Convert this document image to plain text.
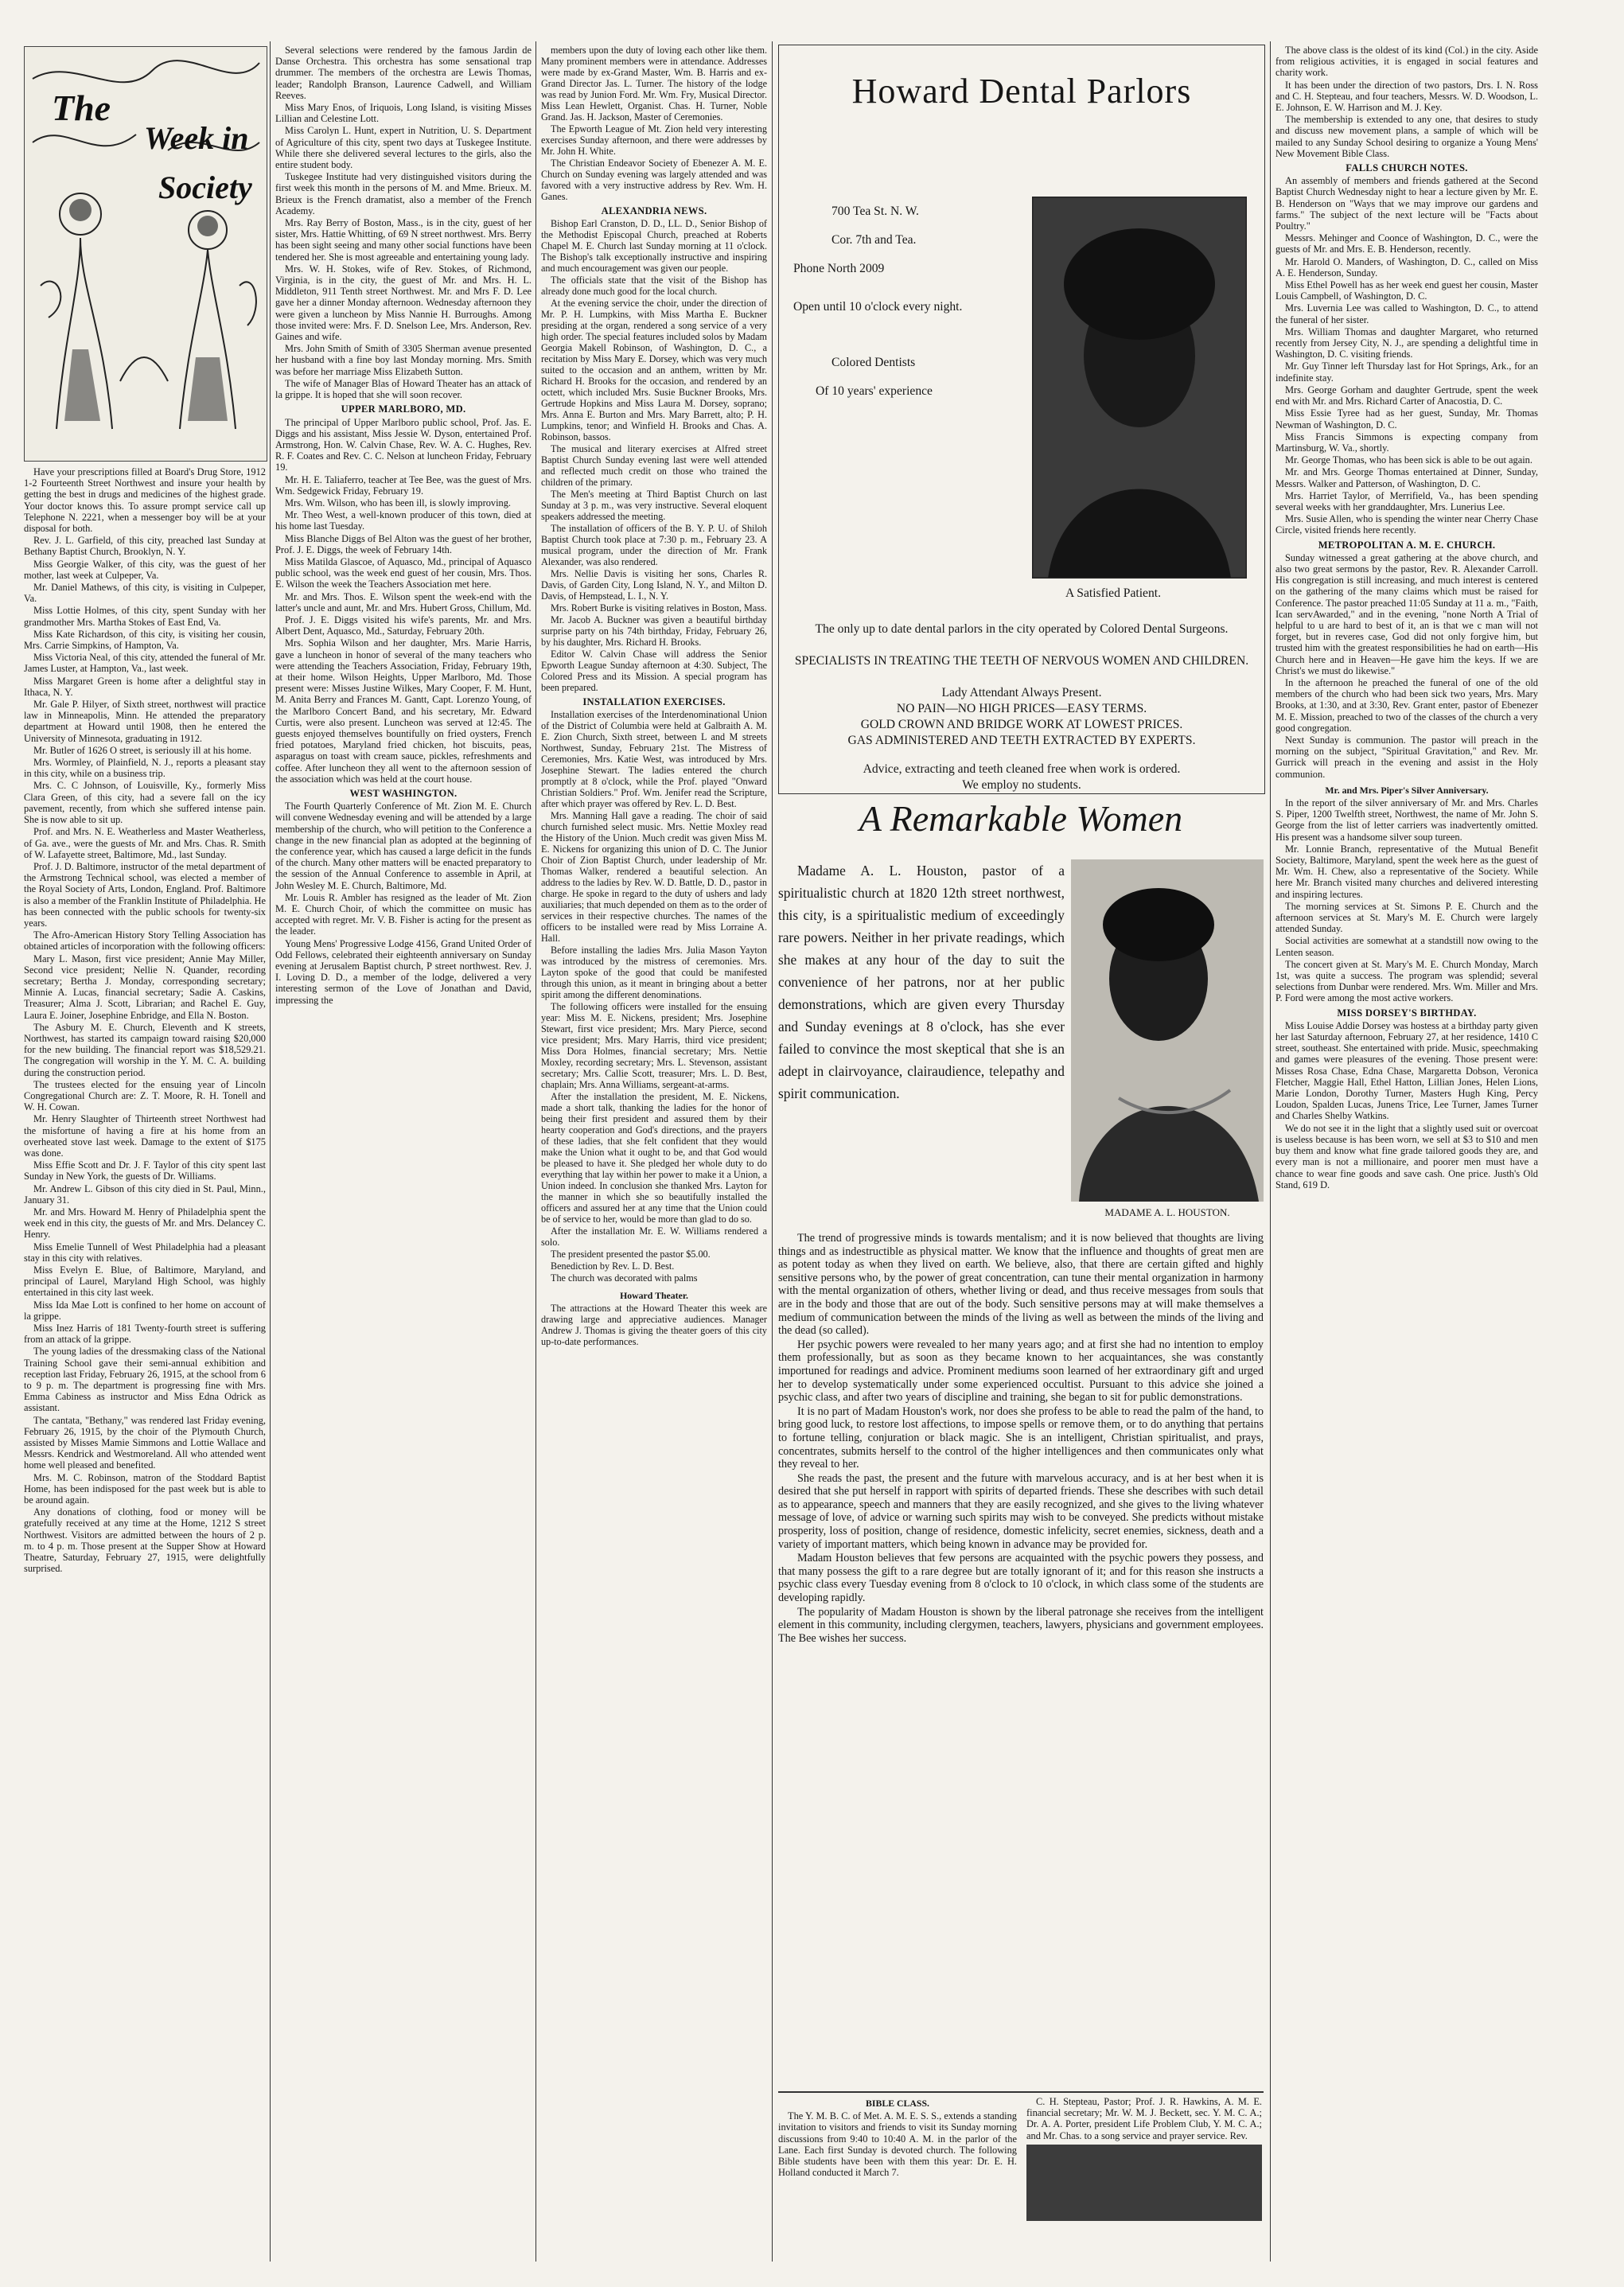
The
Week in
Society

Have your prescriptions filled at Board's Drug Store, 1912 1-2 Fourteenth Street Northwest and insure your health by getting the best in drugs and medicines of the highest grade. Your doctor knows this. To assure prompt service call up Telephone N. 2221, when a messenger boy will be at your disposal for both.

Rev. J. L. Garfield, of this city, preached last Sunday at Bethany Baptist Church, Brooklyn, N. Y.

Miss Georgie Walker, of this city, was the guest of her mother, last week at Culpeper, Va.

Mr. Daniel Mathews, of this city, is visiting in Culpeper, Va.

Miss Lottie Holmes, of this city, spent Sunday with her grandmother Mrs. Martha Stokes of East End, Va.

Miss Kate Richardson, of this city, is visiting her cousin, Mrs. Carrie Simpkins, of Hampton, Va.

Miss Victoria Neal, of this city, attended the funeral of Mr. James Luster, at Hampton, Va., last week.

Miss Margaret Green is home after a delightful stay in Ithaca, N. Y.

Mr. Gale P. Hilyer, of Sixth street, northwest will practice law in Minneapolis, Minn. He attended the preparatory department at Howard until 1908, then he entered the University of Minnesota, graduating in 1912.

Mr. Butler of 1626 O street, is seriously ill at his home.

Mrs. Wormley, of Plainfield, N. J., reports a pleasant stay in this city, while on a business trip.

Mrs. C. C Johnson, of Louisville, Ky., formerly Miss Clara Green, of this city, had a severe fall on the icy pavement, recently, from which she suffered intense pain. She is now able to sit up.

Prof. and Mrs. N. E. Weatherless and Master Weatherless, of Ga. ave., were the guests of Mr. and Mrs. Chas. R. Smith of W. Lafayette street, Baltimore, Md., last Sunday.

Prof. J. D. Baltimore, instructor of the metal department of the Armstrong Technical school, was elected a member of the Royal Society of Arts, London, England. Prof. Baltimore is also a member of the Franklin Institute of Philadelphia. He has been connected with the public schools for twenty-six years.

The Afro-American History Story Telling Association has obtained articles of incorporation with the following officers:

Mary L. Mason, first vice president; Annie May Miller, Second vice president; Nellie N. Quander, recording secretary; Bertha J. Monday, corresponding secretary; Minnie A. Lucas, financial secretary; Sadie A. Caskins, Treasurer; Alma J. Scott, Librarian; and Rachel E. Guy, Laura E. Joiner, Josephine Enbridge, and Ella N. Boston.

The Asbury M. E. Church, Eleventh and K streets, Northwest, has started its campaign toward raising $20,000 for the new building. The financial report was $18,529.21. The congregation will worship in the Y. M. C. A. building during the construction period.

The trustees elected for the ensuing year of Lincoln Congregational Church are: Z. T. Moore, R. H. Tonell and W. H. Cowan.

Mr. Henry Slaughter of Thirteenth street Northwest had the misfortune of having a fire at his home from an overheated stove last week. Damage to the extent of $175 was done.

Miss Effie Scott and Dr. J. F. Taylor of this city spent last Sunday in New York, the guests of Dr. Williams.

Mr. Andrew L. Gibson of this city died in St. Paul, Minn., January 31.

Mr. and Mrs. Howard M. Henry of Philadelphia spent the week end in this city, the guests of Mr. and Mrs. Delancey C. Henry.

Miss Emelie Tunnell of West Philadelphia had a pleasant stay in this city with relatives.

Miss Evelyn E. Blue, of Baltimore, Maryland, and principal of Laurel, Maryland High School, was highly entertained in this city last week.

Miss Ida Mae Lott is confined to her home on account of la grippe.

Miss Inez Harris of 181 Twenty-fourth street is suffering from an attack of la grippe.

The young ladies of the dressmaking class of the National Training School gave their semi-annual exhibition and reception last Friday, February 26, 1915, at the school from 6 to 9 p. m. The department is progressing fine with Mrs. Emma Cabiness as instructor and Miss Edna Odrick as assistant.

The cantata, "Bethany," was rendered last Friday evening, February 26, 1915, by the choir of the Plymouth Church, assisted by Misses Mamie Simmons and Lottie Wallace and Messrs. Kendrick and Westmoreland. All who attended went home well pleased and benefited.

Mrs. M. C. Robinson, matron of the Stoddard Baptist Home, has been indisposed for the past week but is able to be around again.

Any donations of clothing, food or money will be gratefully received at any time at the Home, 1212 S street Northwest. Visitors are admitted between the hours of 2 p. m. to 4 p. m. Those present at the Supper Show at Howard Theatre, Saturday, February 27, 1915, were delightfully surprised.

Several selections were rendered by the famous Jardin de Danse Orchestra. This orchestra has some sensational trap drummer. The members of the orchestra are Lewis Thomas, leader; Randolph Branson, Laurence Cadwell, and William Reeves.

Miss Mary Enos, of Iriquois, Long Island, is visiting Misses Lillian and Celestine Lott.

Miss Carolyn L. Hunt, expert in Nutrition, U. S. Department of Agriculture of this city, spent two days at Tuskegee Institute. While there she delivered several lectures to the girls, also the entire student body.

Tuskegee Institute had very distinguished visitors during the first week this month in the persons of M. and Mme. Brieux. M. Brieux is the French dramatist, also a member of the French Academy.

Mrs. Ray Berry of Boston, Mass., is in the city, guest of her sister, Mrs. Hattie Whitting, of 69 N street northwest. Mrs. Berry has been sight seeing and many other social functions have been tendered her. She is most agreeable and entertaining young lady.

Mrs. W. H. Stokes, wife of Rev. Stokes, of Richmond, Virginia, is in the city, the guest of Mr. and Mrs. H. L. Middleton, 911 Tenth street Northwest. Mr. and Mrs F. D. Lee gave her a dinner Monday afternoon. Wednesday afternoon they were given a luncheon by Miss Nannie H. Burroughs. Among those invited were: Mrs. F. D. Snelson Lee, Mrs. Anderson, Rev. Gaines and wife.

Mrs. John Smith of Smith of 3305 Sherman avenue presented her husband with a fine boy last Monday morning. Mrs. Smith was before her marriage Miss Elizabeth Sutton.

The wife of Manager Blas of Howard Theater has an attack of la grippe. It is hoped that she will soon recover.

UPPER MARLBORO, MD.

The principal of Upper Marlboro public school, Prof. Jas. E. Diggs and his assistant, Miss Jessie W. Dyson, entertained Prof. Armstrong, Hon. W. Calvin Chase, Rev. W. A. C. Hughes, Rev. R. F. Coates and Rev. C. C. Nelson at luncheon Friday, February 19.

Mr. H. E. Taliaferro, teacher at Tee Bee, was the guest of Mrs. Wm. Sedgewick Friday, February 19.

Mrs. Wm. Wilson, who has been ill, is slowly improving.

Mr. Theo West, a well-known producer of this town, died at his home last Tuesday.

Miss Blanche Diggs of Bel Alton was the guest of her brother, Prof. J. E. Diggs, the week of February 14th.

Miss Matilda Glascoe, of Aquasco, Md., principal of Aquasco public school, was the week end guest of her cousin, Mrs. Thos. E. Wilson the week the Teachers Association met here.

Mr. and Mrs. Thos. E. Wilson spent the week-end with the latter's uncle and aunt, Mr. and Mrs. Hubert Gross, Chillum, Md.

Prof. J. E. Diggs visited his wife's parents, Mr. and Mrs. Albert Dent, Aquasco, Md., Saturday, February 20th.

Mrs. Sophia Wilson and her daughter, Mrs. Marie Harris, gave a luncheon in honor of several of the many teachers who were attending the Teachers Association, Friday, February 19th, at their home. Wilson Heights, Upper Marlboro, Md. Those present were: Misses Justine Wilkes, Mary Cooper, F. M. Hunt, M. Anita Berry and Frances M. Gantt, Capt. Lorenzo Young, of the Marlboro Concert Band, and his secretary, Mr. Edward Curtis, were also present. Luncheon was served at 12:45. The guests enjoyed themselves bountifully on fried oysters, French fried potatoes, Maryland fried chicken, hot biscuits, peas, asparagus on toast with cream sauce, pickles, refreshments and coffee. After luncheon they all went to the afternoon session of the association which was held at the court house.

WEST WASHINGTON.

The Fourth Quarterly Conference of Mt. Zion M. E. Church will convene Wednesday evening and will be attended by a large membership of the church, who will petition to the Conference a change in the new financial plan as adopted at the beginning of the conference year, which has caused a large deficit in the funds of the church. Many other matters will be enacted preparatory to the session of the Annual Conference to assemble in April, at John Wesley M. E. Church, Baltimore, Md.

Mr. Louis R. Ambler has resigned as the leader of Mt. Zion M. E. Church Choir, of which the committee on music has accepted with regret. Mr. V. B. Fisher is acting for the present as the leader.

Young Mens' Progressive Lodge 4156, Grand United Order of Odd Fellows, celebrated their eighteenth anniversary on Sunday evening at Jerusalem Baptist church, P street northwest. Rev. J. I. Loving D. D., a member of the lodge, delivered a very interesting sermon of the Love of Jonathan and David, impressing the

members upon the duty of loving each other like them. Many prominent members were in attendance. Addresses were made by ex-Grand Master, Wm. B. Harris and ex-Grand Director Jas. L. Turner. The history of the lodge was read by Junion Ford. Mr. Wm. Fry, Musical Director. Miss Lean Hewlett, Organist. Chas. H. Turner, Noble Grand. Jas. H. Jackson, Master of Ceremonies.

The Epworth League of Mt. Zion held very interesting exercises Sunday afternoon, and there were addresses by Mr. John H. White.

The Christian Endeavor Society of Ebenezer A. M. E. Church on Sunday evening was largely attended and was favored with a very instructive address by Rev. Wm. H. Ganes.

ALEXANDRIA NEWS.

Bishop Earl Cranston, D. D., LL. D., Senior Bishop of the Methodist Episcopal Church, preached at Roberts Chapel M. E. Church last Sunday morning at 11 o'clock. The Bishop's talk exceptionally instructive and inspiring and much encouragement was given our people.

The officials state that the visit of the Bishop has already done much good for the local church.

At the evening service the choir, under the direction of Mr. P. H. Lumpkins, with Miss Martha E. Buckner presiding at the organ, rendered a song service of a very high order. The special features included solos by Madam Georgia Makell Robinson, of Washington, D. C., a recitation by Miss Mary E. Dorsey, which was very much suited to the occasion and an anthem, written by Mr. Richard H. Brooks for the occasion, and rendered by an octett, which included Mrs. Susie Buckner Brooks, Mrs. Gertrude Hopkins and Miss Laura M. Dorsey, soprano; Mrs. Anna E. Burton and Mrs. Mary Barrett, alto; P. H. Lumpkins, tenor; and Winfield H. Brooks and Chas. A. Robinson, bassos.

The musical and literary exercises at Alfred street Baptist Church Sunday evening last were well attended and reflected much credit on those who trained the children of the primary.

The Men's meeting at Third Baptist Church on last Sunday at 3 p. m., was very instructive. Several eloquent speakers addressed the meeting.

The installation of officers of the B. Y. P. U. of Shiloh Baptist Church took place at 7:30 p. m., February 23. A musical program, under the direction of Mr. Frank Alexander, was also rendered.

Mrs. Nellie Davis is visiting her sons, Charles R. Davis, of Garden City, Long Island, N. Y., and Milton D. Davis, of Hempstead, L. I., N. Y.

Mrs. Robert Burke is visiting relatives in Boston, Mass.

Mr. Jacob A. Buckner was given a beautiful birthday surprise party on his 74th birthday, Friday, February 26, by his daughter, Mrs. Richard H. Brooks.

Editor W. Calvin Chase will address the Senior Epworth League Sunday afternoon at 4:30. Subject, The Colored Press and its Mission. A special program has been prepared.

INSTALLATION EXERCISES.

Installation exercises of the Interdenominational Union of the District of Columbia were held at Galbraith A. M. E. Zion Church, Sixth street, between L and M streets Northwest, Sunday, February 21st. The Mistress of Ceremonies, Mrs. Katie West, was introduced by Mrs. Josephine Stewart. The ladies entered the church promptly at 8 o'clock, while the Prof. played "Onward Christian Soldiers." Prof. Wm. Jenifer read the Scripture, after which prayer was offered by Rev. L. D. Best.

Mrs. Manning Hall gave a reading. The choir of said church furnished select music. Mrs. Nettie Moxley read the History of the Union. Much credit was given Miss M. E. Nickens for organizing this union of D. C. The Junior Choir of Zion Baptist Church, under leadership of Mr. Thomas Walker, rendered a beautiful selection. An address to the ladies by Rev. W. D. Battle, D. D., pastor in charge. He spoke in regard to the duty of ushers and lady auxiliaries; that much depended on them as to the order of services in their respective churches. The names of the officers to be installed were read by Miss Lorraine A. Hall.

Before installing the ladies Mrs. Julia Mason Yayton was introduced by the mistress of ceremonies. Mrs. Layton spoke of the good that could be manifested through this union, as it meant in bringing about a better spirit among the different denominations.

The following officers were installed for the ensuing year: Miss M. E. Nickens, president; Mrs. Josephine Stewart, first vice president; Mrs. Mary Pierce, second vice president; Mrs. Mary Harris, third vice president; Miss Dora Holmes, financial secretary; Mrs. Nettie Moxley, recording secretary; Mrs. L. Stevenson, assistant secretary; Mrs. Callie Scott, treasurer; Mrs. L. D. Best, chaplain; Mrs. Anna Williams, sergeant-at-arms.

After the installation the president, M. E. Nickens, made a short talk, thanking the ladies for the honor of being their first president and assured them by their hearty cooperation and God's directions, and the prayers of these ladies, that she felt confident that they would make the Union what it ought to be, and that God would be pleased to have it. She pledged her whole duty to do everything that lay within her power to make it a Union, a Union indeed. In conclusion she thanked Mrs. Layton for the manner in which she so beautifully installed the officers and assured her at any time that the Union could be of service to her, would be more than glad to do so.

After the installation Mr. E. W. Williams rendered a solo.

The president presented the pastor $5.00.

Benediction by Rev. L. D. Best.

The church was decorated with palms

Howard Theater.

The attractions at the Howard Theater this week are drawing large and appreciative audiences. Manager Andrew J. Thomas is giving the theater goers of this city up-to-date performances.

Howard Dental Parlors
700 Tea St. N. W.
Cor. 7th and Tea.
Phone North 2009
Open until 10 o'clock every night.
Colored Dentists
Of 10 years' experience
A Satisfied Patient.
The only up to date dental parlors in the city operated by Colored Dental Surgeons.
SPECIALISTS IN TREATING THE TEETH OF NERVOUS WOMEN AND CHILDREN.
Lady Attendant Always Present.
NO PAIN—NO HIGH PRICES—EASY TERMS.
GOLD CROWN AND BRIDGE WORK AT LOWEST PRICES.
GAS ADMINISTERED AND TEETH EXTRACTED BY EXPERTS.
Advice, extracting and teeth cleaned free when work is ordered.
We employ no students.
A Remarkable Women
Madame A. L. Houston, pastor of a spiritualistic church at 1820 12th street northwest, this city, is a spiritualistic medium of exceedingly rare powers. Neither in her private readings, which she makes at any hour of the day to suit the convenience of her patrons, nor at her public demonstrations, which are given every Thursday and Sunday evenings at 8 o'clock, has she ever failed to convince the most skeptical that she is an adept in clairvoyance, clairaudience, telepathy and spirit communication.
MADAME A. L. HOUSTON.

The trend of progressive minds is towards mentalism; and it is now believed that thoughts are living things and as indestructible as physical matter. We know that the influence and thoughts of great men are as potent today as when they lived on earth. We believe, also, that there are certain gifted and highly sensitive persons who, by the power of great concentration, can tune their mental organization in harmony with the mental organization of others, whether living or dead, and thus receive messages from souls that are in the body and those that are out of the body. Such sensitive persons may at will make themselves a medium of communication between the minds of the living as well as between the minds of the living and the dead (so called).

Her psychic powers were revealed to her many years ago; and at first she had no intention to employ them professionally, but as soon as they became known to her acquaintances, she was constantly importuned for readings and advice. Prominent mediums soon learned of her extraordinary gift and urged her to develop systematically under some experienced occultist. Pursuant to this advice she joined a psychic class, and after two years of discipline and training, she began to sit for public demonstrations.

It is no part of Madam Houston's work, nor does she profess to be able to read the palm of the hand, to bring good luck, to restore lost affections, to impose spells or remove them, or to do anything that pertains to fortune telling, conjuration or black magic. She is an intelligent, Christian spiritualist, and prays, concentrates, submits herself to the control of the higher intelligences and then communicates only what they reveal to her.

She reads the past, the present and the future with marvelous accuracy, and is at her best when it is desired that she put herself in rapport with spirits of departed friends. These she describes with such detail as to appearance, speech and manners that they are easily recognized, and she gives to the living whatever message of love, of advice or warning such spirits may wish to be conveyed. She predicts without mistake prosperity, loss of position, change of residence, domestic infelicity, secret enemies, sickness, death and a variety of important matters, which being known in advance may be provided for.

Madam Houston believes that few persons are acquainted with the psychic powers they possess, and that many possess the gift to a rare degree but are totally ignorant of it; and for this reason she instructs a psychic class every Tuesday evening from 8 o'clock to 10 o'clock, in which class some of the students are developing rapidly.

The popularity of Madam Houston is shown by the liberal patronage she receives from the intelligent element in this community, including clergymen, teachers, lawyers, physicians and government employees. The Bee wishes her success.

BIBLE CLASS.

The Y. M. B. C. of Met. A. M. E. S. S., extends a standing invitation to visitors and friends to visit its Sunday morning discussions from 9:40 to 10:40 A. M. in the parlor of the Lane. Each first Sunday is devoted church. The following Bible students have been with them this year: Dr. E. H. Holland conducted it March 7.

C. H. Stepteau, Pastor; Prof. J. R. Hawkins, A. M. E. financial secretary; Mr. W. M. J. Beckett, sec. Y. M. C. A.; Dr. A. A. Porter, president Life Problem Club, Y. M. C. A.; and Mr. Chas. to a song service and prayer service. Rev.

The above class is the oldest of its kind (Col.) in the city. Aside from religious activities, it is engaged in social features and charity work.

It has been under the direction of two pastors, Drs. I. N. Ross and C. H. Stepteau, and four teachers, Messrs. W. D. Woodson, L. E. Johnson, E. W. Harrison and M. J. Key.

The membership is extended to any one, that desires to study and discuss new movement plans, a sample of which will be mailed to any Sunday School desiring to organize a Young Mens' New Movement Bible Class.

FALLS CHURCH NOTES.

An assembly of members and friends gathered at the Second Baptist Church Wednesday night to hear a lecture given by Mr. E. B. Henderson on "Ways that we may improve our gardens and farms." The subject of the next lecture will be "Facts about Poultry."

Messrs. Mehinger and Coonce of Washington, D. C., were the guests of Mr. and Mrs. E. B. Henderson, recently.

Mr. Harold O. Manders, of Washington, D. C., called on Miss A. E. Henderson, Sunday.

Miss Ethel Powell has as her week end guest her cousin, Master Louis Campbell, of Washington, D. C.

Mrs. Luvernia Lee was called to Washington, D. C., to attend the funeral of her sister.

Mrs. William Thomas and daughter Margaret, who returned recently from Jersey City, N. J., are spending a delightful time in Washington, D. C. visiting friends.

Mr. Guy Tinner left Thursday last for Hot Springs, Ark., for an indefinite stay.

Mrs. George Gorham and daughter Gertrude, spent the week end with Mr. and Mrs. Richard Carter of Anacostia, D. C.

Miss Essie Tyree had as her guest, Sunday, Mr. Thomas Newman of Washington, D. C.

Miss Francis Simmons is expecting company from Martinsburg, W. Va., shortly.

Mr. George Thomas, who has been sick is able to be out again.

Mr. and Mrs. George Thomas entertained at Dinner, Sunday, Messrs. Walker and Patterson, of Washington, D. C.

Mrs. Harriet Taylor, of Merrifield, Va., has been spending several weeks with her granddaughter, Mrs. Lunerius Lee.

Mrs. Susie Allen, who is spending the winter near Cherry Chase Circle, visited friends here recently.

METROPOLITAN A. M. E. CHURCH.

Sunday witnessed a great gathering at the above church, and also two great sermons by the pastor, Rev. R. Alexander Carroll. His congregation is still increasing, and much interest is centered on the gathering of the many claims which must be raised for Conference. The pastor preached 11:05 Sunday at 11 a. m., "Faith, Ican servAwarded," and in the evening, "none North A Trial of helpful to u are hard to best of it, an is that we c man will not forget, but in reveres case, God did not only forgive him, but trusted him with the greatest responsibilities he had on earth—His Church here and in Heaven—He gave him the keys. If we are Christ's we must do likewise."

In the afternoon he preached the funeral of one of the old members of the church who had been sick two years, Mrs. Mary Brooks, at 1:30, and at 3:30, Rev. Grant enter, pastor of Ebenezer M. E. Mission, preached to two of the classes of the church a very good congregation.

Next Sunday is communion. The pastor will preach in the morning on the subject, "Spiritual Gravitation," and Rev. Mr. Gurrick will preach in the evening and assist in the Holy communion.

Mr. and Mrs. Piper's Silver Anniversary.

In the report of the silver anniversary of Mr. and Mrs. Charles S. Piper, 1200 Twelfth street, Northwest, the name of Mr. John S. George from the list of letter carriers was inadvertently omitted. His present was a handsome silver soup tureen.

Mr. Lonnie Branch, representative of the Mutual Benefit Society, Baltimore, Maryland, spent the week here as the guest of Mr. Wm. H. Chew, also a representative of the Society. While here Mr. Branch visited many churches and delivered interesting and inspiring lectures.

The morning services at St. Simons P. E. Church and the afternoon services at St. Mary's M. E. Church were largely attended Sunday.

Social activities are somewhat at a standstill now owing to the Lenten season.

The concert given at St. Mary's M. E. Church Monday, March 1st, was quite a success. The program was splendid; several selections from Dunbar were rendered. Mrs. Wm. Miller and Mrs. P. Ford were among the most active workers.

MISS DORSEY'S BIRTHDAY.

Miss Louise Addie Dorsey was hostess at a birthday party given her last Saturday afternoon, February 27, at her residence, 1410 C street, southeast. She entertained with pride. Music, speechmaking and games were pleasures of the evening. Those present were: Misses Rosa Chase, Edna Chase, Margaretta Dobson, Veronica Fletcher, Maggie Hall, Ethel Hatton, Lillian Jones, Helen Lions, Marie London, Dorothy Turner, Masters Hugh King, Percy Loudon, Spalden Lucas, Junens Trice, Lee Turner, James Turner and Charles Shelby Watkins.

We do not see it in the light that a slightly used suit or overcoat is useless because is has been worn, we sell at $3 to $10 and men buy them and know what fine grade tailored goods they are, and every man is not a millionaire, and poorer men must have a chance to wear fine goods and save cash. One price. Justh's Old Stand, 619 D.
